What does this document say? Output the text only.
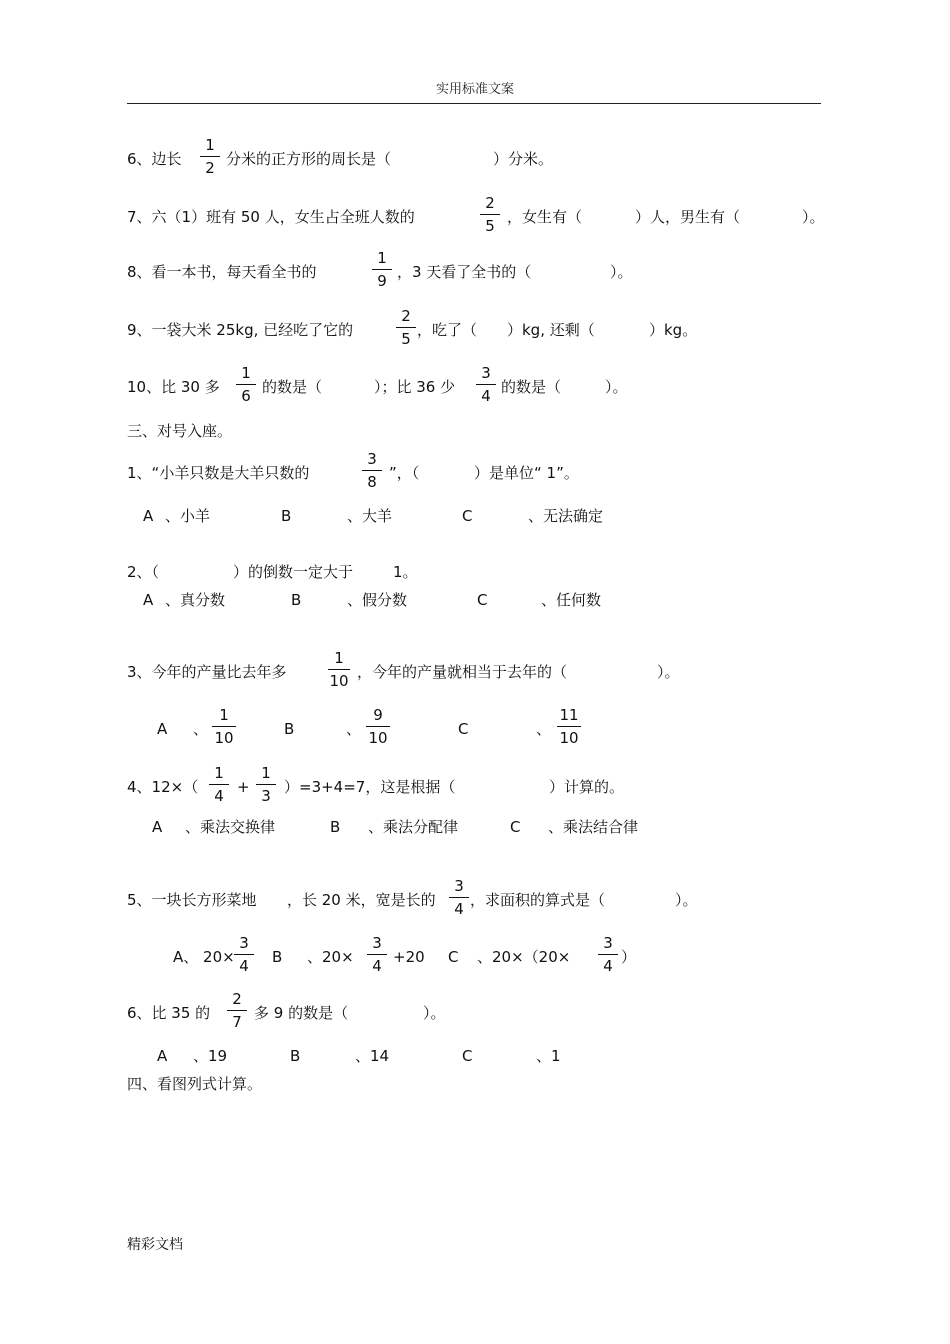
实用标准文案
6、边长
1
2 分米的正方形的周长是（	）分米。
7、六（1）班有 50 人，女生占全班人数的
2
5 ，女生有（	）人，男生有（	）。
8、看一本书，每天看全书的
1
9 ，3 天看了全书的（	）。
9、一袋大米 25kg, 已经吃了它的
2
5 ，吃了（ ）kg, 还剩（	）kg。
10、比 30 多
1
6 的数是（	）；比 36 少
3
4 的数是（	）。
三、对号入座。
1、“小羊只数是大羊只数的
3
8 ”，（	）是单位“ 1”。
A 、小羊	B	、大羊	C	、无法确定
2、（	）的倒数一定大于	1。
A 、真分数	B	、假分数	C	、任何数
3、今年的产量比去年多
1
10 ，今年的产量就相当于去年的（	）。
A 、
1
10	B	、
9
10	C	、
11
10
4、12×（
1
4 +
1
3 ）=3+4=7，这是根据（	）计算的。
A 、乘法交换律	B 、乘法分配律	C 、乘法结合律
5、一块长方形菜地 ，长 20 米，宽是长的
3
4 ，求面积的算式是（	）。
A、 20×
3
4	B 、20×
3
4 +20 C 、20×（20×
3
4 ）
6、比 35 的
2
7 多 9 的数是（	）。
A 、19	B	、14	C	、1
四、看图列式计算。
精彩文档
